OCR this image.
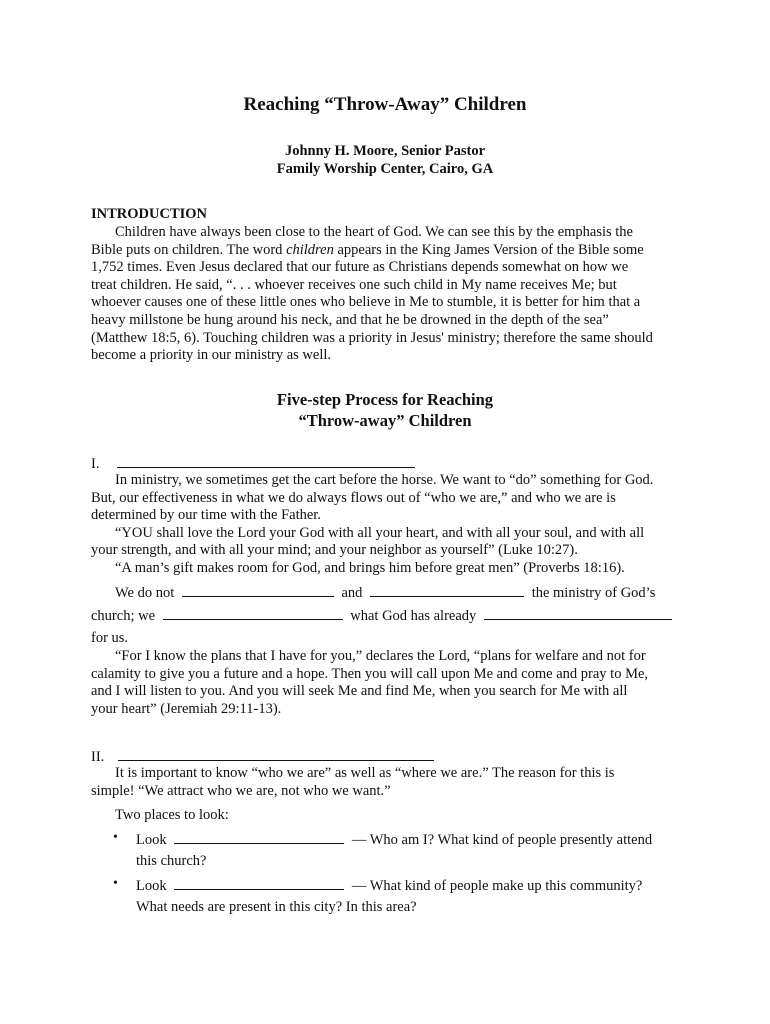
Reaching “Throw-Away” Children
Johnny H. Moore, Senior Pastor
Family Worship Center, Cairo, GA
INTRODUCTION
Children have always been close to the heart of God. We can see this by the emphasis the
Bible puts on children. The word children appears in the King James Version of the Bible some
1,752 times. Even Jesus declared that our future as Christians depends somewhat on how we
treat children. He said, “. . . whoever receives one such child in My name receives Me; but
whoever causes one of these little ones who believe in Me to stumble, it is better for him that a
heavy millstone be hung around his neck, and that he be drowned in the depth of the sea”
(Matthew 18:5, 6). Touching children was a priority in Jesus' ministry; therefore the same should
become a priority in our ministry as well.
Five-step Process for Reaching
“Throw-away” Children
I.
In ministry, we sometimes get the cart before the horse. We want to “do” something for God.
But, our effectiveness in what we do always flows out of “who we are,” and who we are is
determined by our time with the Father.
“YOU shall love the Lord your God with all your heart, and with all your soul, and with all
your strength, and with all your mind; and your neighbor as yourself” (Luke 10:27).
“A man’s gift makes room for God, and brings him before great men” (Proverbs 18:16).
We do not	and	the ministry of God’s
church; we	what God has already
for us.
“For I know the plans that I have for you,” declares the Lord, “plans for welfare and not for
calamity to give you a future and a hope. Then you will call upon Me and come and pray to Me,
and I will listen to you. And you will seek Me and find Me, when you search for Me with all
your heart” (Jeremiah 29:11-13).
II.
It is important to know “who we are” as well as “where we are.” The reason for this is
simple! “We attract who we are, not who we want.”
Two places to look:
• Look	— Who am I? What kind of people presently attend
this church?
• Look	— What kind of people make up this community?
What needs are present in this city? In this area?
